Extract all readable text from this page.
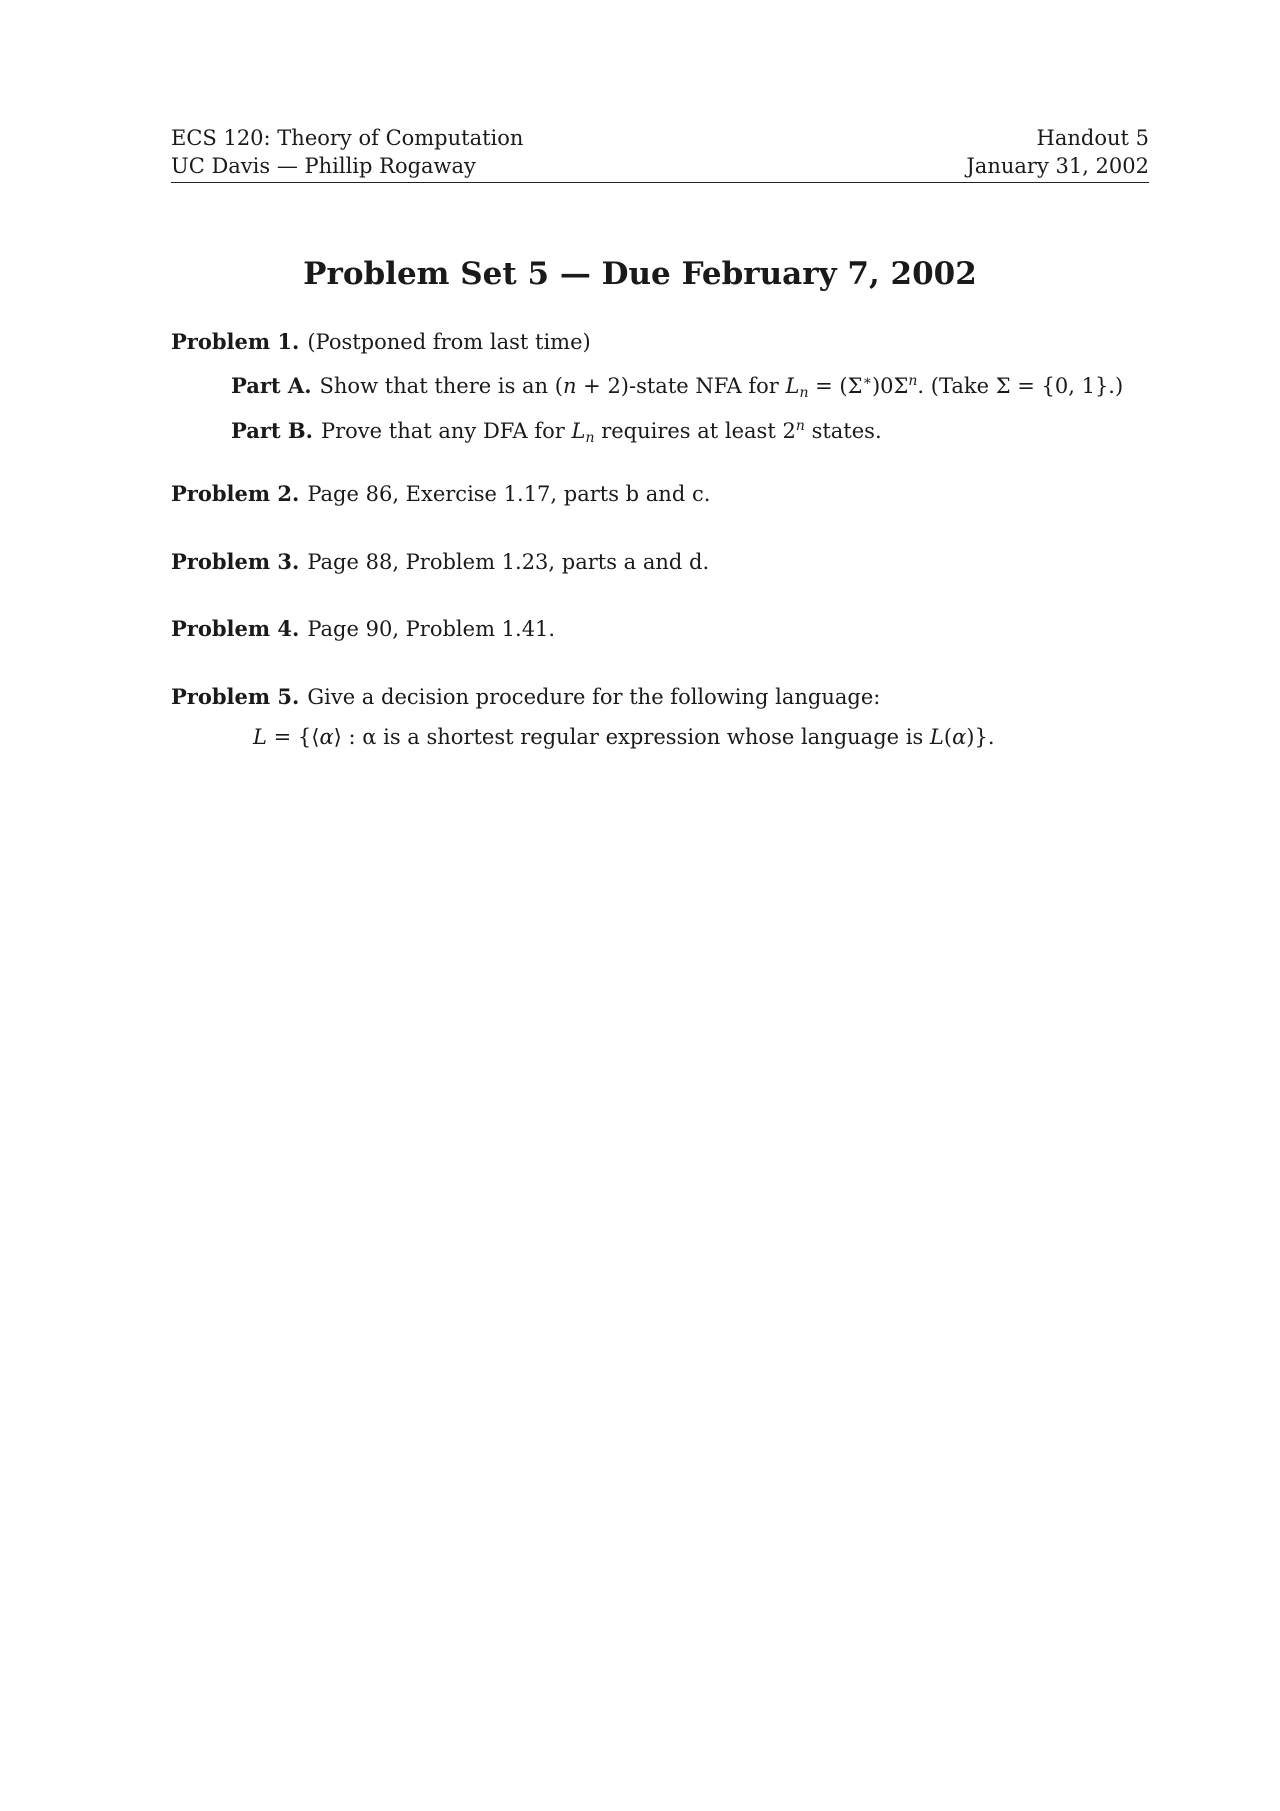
ECS 120: Theory of Computation	Handout 5
UC Davis — Phillip Rogaway	January 31, 2002
Problem Set 5 — Due February 7, 2002
Problem 1. (Postponed from last time)
Part A. Show that there is an (n + 2)-state NFA for $L_n = (\Sigma^∗)0\Sigma^n$. (Take Σ = {0, 1}.)
Part B. Prove that any DFA for $L_n$ requires at least 2$^n$ states.
Problem 2. Page 86, Exercise 1.17, parts b and c.
Problem 3. Page 88, Problem 1.23, parts a and d.
Problem 4. Page 90, Problem 1.41.
Problem 5. Give a decision procedure for the following language:
L = {⟨α⟩ : α is a shortest regular expression whose language is L(α)}.
